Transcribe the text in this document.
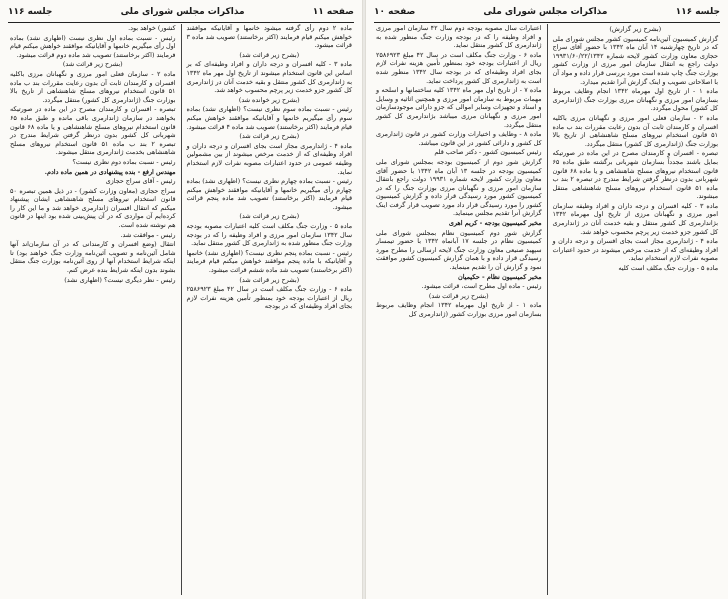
صفحه ۱۱
مذاکرات مجلس شورای ملی
جلسه ۱۱۶

ماده ۲ دوم رأی گرفته میشود خانمها و آقایانیکه موافقند خواهش میکنم قیام فرمایند (اکثر برخاستند) تصویب شد ماده ۳ قرائت میشود.

(بشرح زیر قرائت شد)

ماده ۳ - کلیه افسران و درجه داران و افراد وظیفه‌ای که بر اساس این قانون استخدام میشوند از تاریخ اول مهر ماه ۱۳۴۲ به ژاندارمری کل کشور منتقل و بقیه خدمت آنان در ژاندارمری کل کشور جزو خدمت زیر پرچم محسوب خواهد شد.

(بشرح زیر خوانده شد)

رئیس - نسبت بماده سوم نظری نیست؟ (اظهاری نشد) بماده سوم رأی میگیریم خانمها و آقایانیکه موافقند خواهش میکنم قیام فرمایند (اکثر برخاستند) تصویب شد ماده ۴ قرائت میشود.

(بشرح زیر قرائت شد)

ماده ۴ - ژاندارمری مجاز است بجای افسران و درجه داران و افراد وظیفه‌ای که از خدمت مرخص میشوند از بین مشمولین وظیفه عمومی در حدود اعتبارات مصوبه نفرات لازم استخدام نماید.

رئیس - نسبت بماده چهارم نظری نیست؟ (اظهاری نشد) بماده چهارم رأی میگیریم خانمها و آقایانیکه موافقند خواهش میکنم قیام فرمایند (اکثر برخاستند) تصویب شد ماده پنجم قرائت میشود.

(بشرح زیر قرائت شد)

ماده ۵ - وزارت جنگ مکلف است کلیه اعتبارات مصوبه بودجه سال ۱۳۴۲ سازمان امور مرزی و افراد وظیفه را که در بودجه وزارت جنگ منظور شده به ژاندارمری کل کشور منتقل نماید.

رئیس - نسبت بماده پنجم نظری نیست؟ (اظهاری نشد) خانمها و آقایانیکه با ماده پنجم موافقند خواهش میکنم قیام فرمایند (اکثر برخاستند) تصویب شد ماده ششم قرائت میشود.

(بشرح زیر قرائت شد)

ماده ۶ - وزارت جنگ مکلف است در سال ۴۲ مبلغ ۲۵۸۶۹۲۳ ریال از اعتبارات بودجه خود بمنظور تأمین هزینه نفرات لازم بجای افراد وظیفه‌ای که در بودجه

کشور) خواهد بود.

رئیس - نسبت بماده اول نظری نیست (اظهاری نشد) بماده اول رأی میگیریم خانمها و آقایانیکه موافقند خواهش میکنم قیام فرمایند (اکثر برخاستند) تصویب شد ماده دوم قرائت میشود.

(بشرح زیر قرائت شد)

ماده ۲ - سازمان فعلی امور مرزی و نگهبانان مرزی باکلیه افسران و کارمندان ثابت آن بدون رعایت مقررات بند ب ماده ۵۱ قانون استخدام نیروهای مسلح شاهنشاهی از تاریخ بالا بوزارت جنگ (ژاندارمری کل کشور) منتقل میگردد.

تبصره - افسران و کارمندان مصرح در این ماده در صورتیکه بخواهند در سازمان ژاندارمری باقی مانده و طبق ماده ۶۵ قانون استخدام نیروهای مسلح شاهنشاهی و یا ماده ۶۸ قانون شهربانی کل کشور بدون درنظر گرفتن شرایط مندرج در تبصره ۲ بند ب ماده ۵۱ قانون استخدام نیروهای مسلح شاهنشاهی بخدمت ژاندارمری منتقل میشوند.

رئیس - نسبت بماده دوم نظری نیست؟

مهندس ارفع - بنده پیشنهادی در همین ماده دادم.

رئیس - آقای سراج حجازی

سراج حجازی (معاون وزارت کشور) - در ذیل همین تبصره ۵۰ قانون استخدام نیروهای مسلح شاهنشاهی ایشان پیشنهاد میکنم که انتقال افسران ژاندارمری خواهد شد و ما این کار را کرده‌ایم آن مواردی که در آن پیش‌بینی شده بود اینها در قانون هم نوشته شده است.

رئیس - موافقت شد.

انتقال (وضع افسران و کارمندانی که در آن سازمان‌اند آنها شامل آئین‌نامه و تصویب آئین‌نامه وزارت جنگ خواهند بود) تا اینکه شرایط استخدام آنها از روی آئین‌نامه بوزارت جنگ منتقل بشوند بدون اینکه شرایط بنده عرض کنم.

رئیس - نظر دیگری نیست؟ (اظهاری نشد)

جلسه ۱۱۶
مذاکرات مجلس شورای ملی
صفحه ۱۰

(بشرح زیر گزارش)

گزارش کمیسیون آئین‌نامه کمیسیون کشور مجلس شورای ملی که در تاریخ چهارشنبه ۱۴ آبان ماه ۱۳۴۲ با حضور آقای سراج حجازی معاون وزارت کشور لایحه شماره ۱۹۹۳۱/۶۰/۲۲/۱۳۴۲ دولت راجع به انتقال سازمان امور مرزی از وزارت کشور بوزارت جنگ چاپ شده است مورد بررسی قرار داده و مواد آن با اصلاحاتی تصویب و اینک گزارش آنرا تقدیم میدارد.

ماده ۱ - از تاریخ اول مهرماه ۱۳۴۲ انجام وظایف مربوط بسازمان امور مرزی و نگهبانان مرزی بوزارت جنگ (ژاندارمری کل کشور) محول میگردد.

ماده ۲ - سازمان فعلی امور مرزی و نگهبانان مرزی باکلیه افسران و کارمندان ثابت آن بدون رعایت مقررات بند ب ماده ۵۱ قانون استخدام نیروهای مسلح شاهنشاهی از تاریخ بالا بوزارت جنگ (ژاندارمری کل کشور) منتقل میگردد.

تبصره - افسران و کارمندان مصرح در این ماده در صورتیکه بمایل باشند مجدداً بسازمان شهربانی برگشته طبق ماده ۶۵ قانون استخدام نیروهای مسلح شاهنشاهی و یا ماده ۶۸ قانون شهربانی بدون درنظر گرفتن شرایط مندرج در تبصره ۲ بند ب ماده ۵۱ قانون استخدام نیروهای مسلح شاهنشاهی منتقل میشوند.

ماده ۳ - کلیه افسران و درجه داران و افراد وظیفه سازمان امور مرزی و نگهبانان مرزی از تاریخ اول مهرماه ۱۳۴۲ بژاندارمری کل کشور منتقل و بقیه خدمت آنان در ژاندارمری کل کشور جزو خدمت زیر پرچم محسوب خواهد شد.

ماده ۴ - ژاندارمری مجاز است بجای افسران و درجه داران و افراد وظیفه‌ای که از خدمت مرخص میشوند در حدود اعتبارات مصوبه نفرات لازم استخدام نماید.

ماده ۵ - وزارت جنگ مکلف است کلیه

اعتبارات سال مصوبه بودجه دوم سال ۴۲ سازمان امور مرزی و افراد وظیفه را که در بودجه وزارت جنگ منظور شده به ژاندارمری کل کشور منتقل نماید.

ماده ۶ - وزارت جنگ مکلف است در سال ۴۲ مبلغ ۲۵۸۶۹۲۳ ریال از اعتبارات بودجه خود بمنظور تأمین هزینه نفرات لازم بجای افراد وظیفه‌ای که در بودجه سال ۱۳۴۲ منظور شده است به ژاندارمری کل کشور پرداخت نماید.

ماده ۷ - از تاریخ اول مهر ماه ۱۳۴۲ کلیه ساختمانها و اسلحه و مهمات مربوط به سازمان امور مرزی و همچنین اثاثیه و وسایل و اسناد و تجهیزات وسایر اموالی که جزو دارائی موجودسازمان امور مرزی و نگهبانان مرزی میباشد بژاندارمری کل کشور منتقل میگردد.

ماده ۸ - وظایف و اختیارات وزارت کشور در قانون ژاندارمری کل کشور و دارائی کشور در این قانون میباشد.

رئیس کمیسیون کشور - دکتر صاحب قلم

گزارش شور دوم از کمیسیون بودجه بمجلس شورای ملی کمیسیون بودجه در جلسه ۱۳ آبان ماه ۱۳۴۲ با حضور آقای معاون وزارت کشور لایحه شماره ۱۹۹۳۱ دولت راجع بانتقال سازمان امور مرزی و نگهبانان مرزی بوزارت جنگ را که در کمیسیون کشور مورد رسیدگی قرار داده و گزارش کمیسیون کشور را مورد رسیدگی قرار داد مورد تصویب قرار گرفت اینک گزارش آنرا تقدیم مجلس مینماید.

مخبر کمیسیون بودجه - کریم اهری

گزارش شور دوم کمیسیون نظام بمجلس شورای ملی کمیسیون نظام در جلسه ۱۷ آبانماه ۱۳۴۲ با حضور تیمسار سپهبد صنیعی معاون وزارت جنگ لایحه ارسالی را مطرح مورد رسیدگی قرار داده و با همان گزارش کمیسیون کشور موافقت نمود و گزارش آن را تقدیم مینماید.

مخبر کمیسیون نظام - حکیمیان

رئیس - ماده اول مطرح است، قرائت میشود.

(بشرح زیر قرائت شد)

ماده ۱ - از تاریخ اول مهرماه ۱۳۴۲ انجام وظایف مربوط بسازمان امور مرزی بوزارت کشور (ژاندارمری کل
